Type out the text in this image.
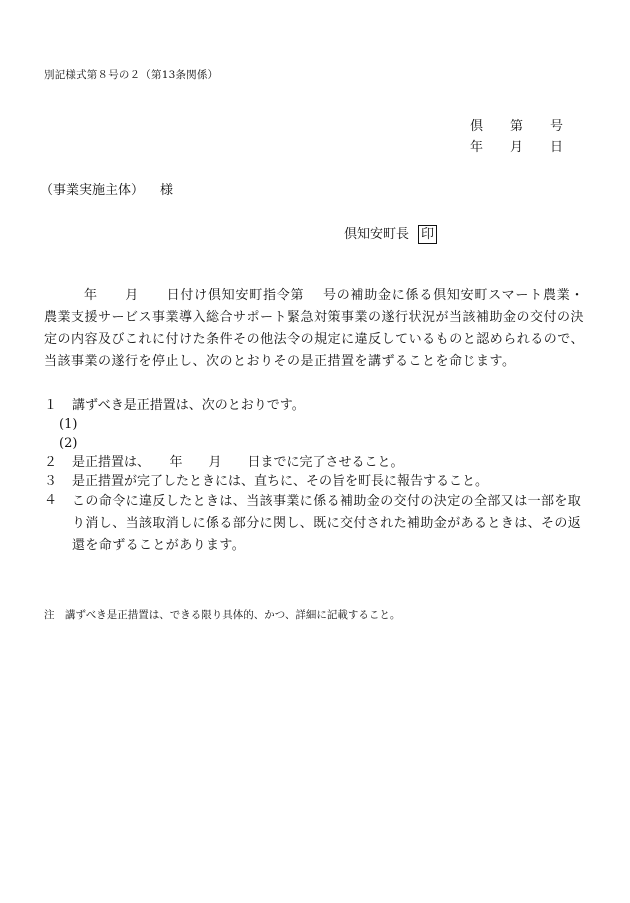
別記様式第８号の２（第13条関係）
倶 第 号
年 月 日
（事業実施主体） 様
倶知安町長 印
年　　月　　日付け倶知安町指令第　 号の補助金に係る倶知安町スマート農業・農業支援サービス事業導入総合サポート緊急対策事業の遂行状況が当該補助金の交付の決定の内容及びこれに付けた条件その他法令の規定に違反しているものと認められるので、当該事業の遂行を停止し、次のとおりその是正措置を講ずることを命じます。
１	講ずべき是正措置は、次のとおりです。
(1)
(2)
２	是正措置は、　　年　　月　　日までに完了させること。
３	是正措置が完了したときには、直ちに、その旨を町長に報告すること。
４	この命令に違反したときは、当該事業に係る補助金の交付の決定の全部又は一部を取り消し、当該取消しに係る部分に関し、既に交付された補助金があるときは、その返還を命ずることがあります。
注　講ずべき是正措置は、できる限り具体的、かつ、詳細に記載すること。
